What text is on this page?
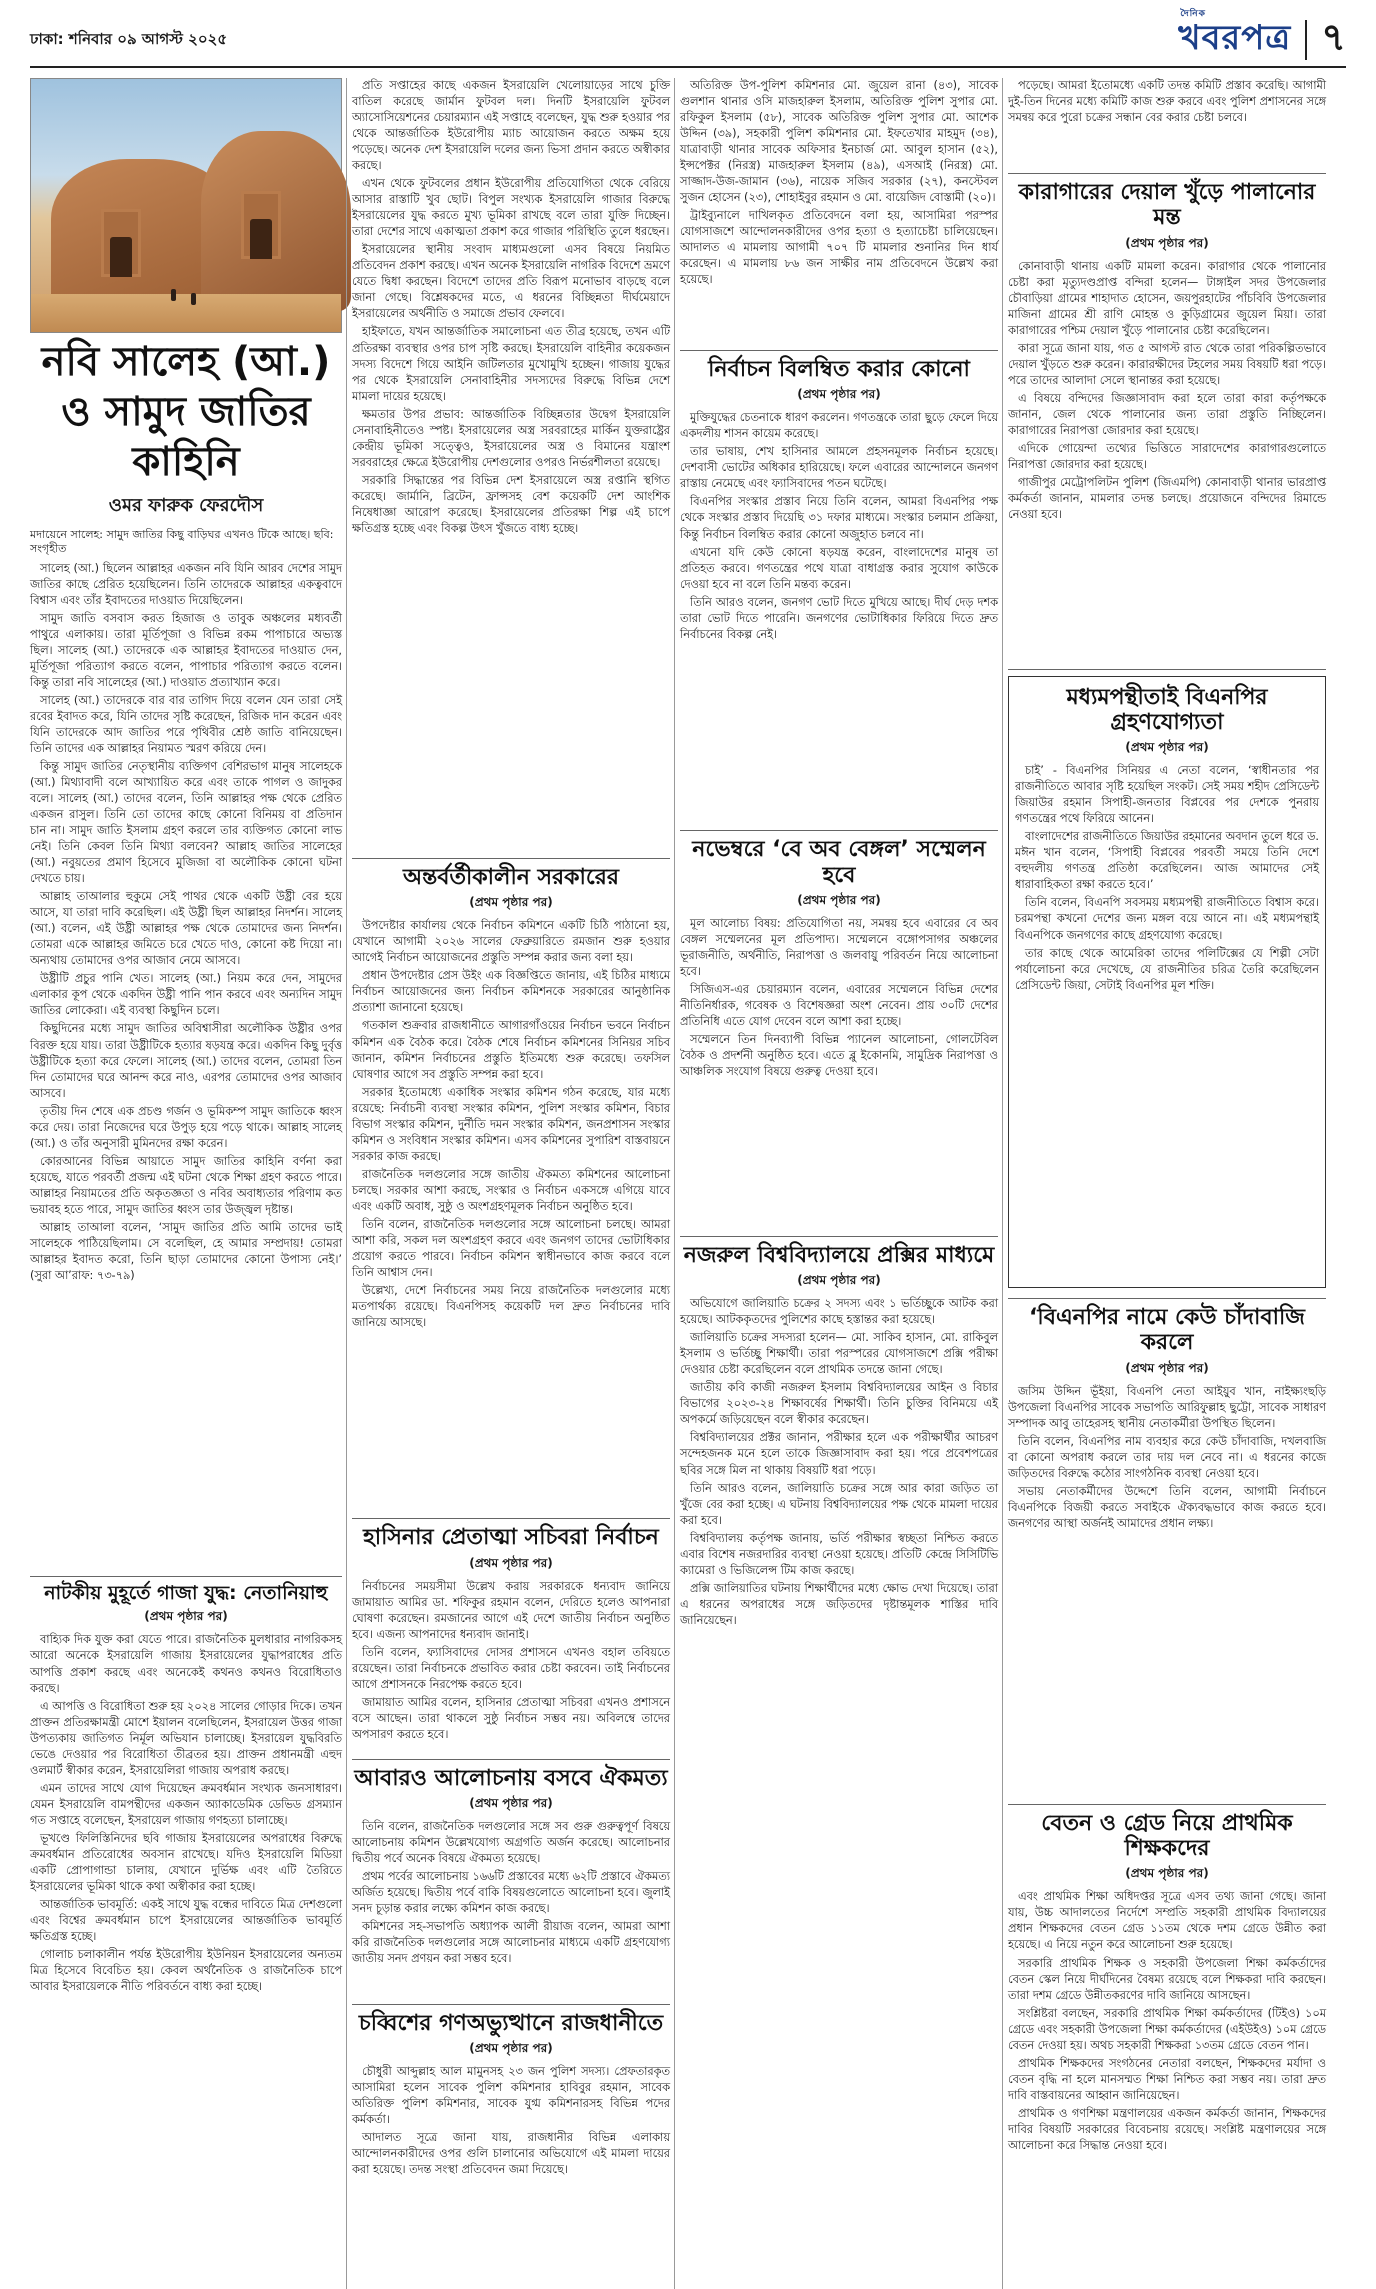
ঢাকা: শনিবার ০৯ আগস্ট ২০২৫
দৈনিক
খবরপত্র ৭
নবি সালেহ (আ.) ও সামুদ জাতির কাহিনি
ওমর ফারুক ফেরদৌস
মদায়েনে সালেহ: সামুদ জাতির কিছু বাড়িঘর এখনও টিকে আছে। ছবি: সংগৃহীত

সালেহ (আ.) ছিলেন আল্লাহর একজন নবি যিনি আরব দেশের সামুদ জাতির কাছে প্রেরিত হয়েছিলেন। তিনি তাদেরকে আল্লাহর একত্ববাদে বিশ্বাস এবং তাঁর ইবাদতের দাওয়াত দিয়েছিলেন।

সামুদ জাতি বসবাস করত হিজাজ ও তাবুক অঞ্চলের মধ্যবর্তী পাথুরে এলাকায়। তারা মূর্তিপূজা ও বিভিন্ন রকম পাপাচারে অভ্যস্ত ছিল। সালেহ (আ.) তাদেরকে এক আল্লাহর ইবাদতের দাওয়াত দেন, মূর্তিপূজা পরিত্যাগ করতে বলেন, পাপাচার পরিত্যাগ করতে বলেন। কিন্তু তারা নবি সালেহের (আ.) দাওয়াত প্রত্যাখ্যান করে।

সালেহ (আ.) তাদেরকে বার বার তাগিদ দিয়ে বলেন যেন তারা সেই রবের ইবাদত করে, যিনি তাদের সৃষ্টি করেছেন, রিজিক দান করেন এবং যিনি তাদেরকে আদ জাতির পরে পৃথিবীর শ্রেষ্ঠ জাতি বানিয়েছেন। তিনি তাদের এক আল্লাহর নিয়ামত স্মরণ করিয়ে দেন।

কিন্তু সামুদ জাতির নেতৃস্থানীয় ব্যক্তিগণ বেশিরভাগ মানুষ সালেহকে (আ.) মিথ্যাবাদী বলে আখ্যায়িত করে এবং তাকে পাগল ও জাদুকর বলে। সালেহ (আ.) তাদের বলেন, তিনি আল্লাহর পক্ষ থেকে প্রেরিত একজন রাসুল। তিনি তো তাদের কাছে কোনো বিনিময় বা প্রতিদান চান না। সামুদ জাতি ইসলাম গ্রহণ করলে তার ব্যক্তিগত কোনো লাভ নেই। তিনি কেবল তিনি মিথ্যা বলবেন? আল্লাহ জাতির সালেহের (আ.) নবুয়তের প্রমাণ হিসেবে মুজিজা বা অলৌকিক কোনো ঘটনা দেখতে চায়।

আল্লাহ তাআলার হুকুমে সেই পাথর থেকে একটি উষ্ট্রী বের হয়ে আসে, যা তারা দাবি করেছিল। এই উষ্ট্রী ছিল আল্লাহর নিদর্শন। সালেহ (আ.) বলেন, এই উষ্ট্রী আল্লাহর পক্ষ থেকে তোমাদের জন্য নিদর্শন। তোমরা একে আল্লাহর জমিতে চরে খেতে দাও, কোনো কষ্ট দিয়ো না। অন্যথায় তোমাদের ওপর আজাব নেমে আসবে।

উষ্ট্রীটি প্রচুর পানি খেত। সালেহ (আ.) নিয়ম করে দেন, সামুদের এলাকার কূপ থেকে একদিন উষ্ট্রী পানি পান করবে এবং অন্যদিন সামুদ জাতির লোকেরা। এই ব্যবস্থা কিছুদিন চলে।

কিছুদিনের মধ্যে সামুদ জাতির অবিশ্বাসীরা অলৌকিক উষ্ট্রীর ওপর বিরক্ত হয়ে যায়। তারা উষ্ট্রীটিকে হত্যার ষড়যন্ত্র করে। একদিন কিছু দুর্বৃত্ত উষ্ট্রীটিকে হত্যা করে ফেলে। সালেহ (আ.) তাদের বলেন, তোমরা তিন দিন তোমাদের ঘরে আনন্দ করে নাও, এরপর তোমাদের ওপর আজাব আসবে।

তৃতীয় দিন শেষে এক প্রচণ্ড গর্জন ও ভূমিকম্প সামুদ জাতিকে ধ্বংস করে দেয়। তারা নিজেদের ঘরে উপুড় হয়ে পড়ে থাকে। আল্লাহ সালেহ (আ.) ও তাঁর অনুসারী মুমিনদের রক্ষা করেন।

কোরআনের বিভিন্ন আয়াতে সামুদ জাতির কাহিনি বর্ণনা করা হয়েছে, যাতে পরবর্তী প্রজন্ম এই ঘটনা থেকে শিক্ষা গ্রহণ করতে পারে। আল্লাহর নিয়ামতের প্রতি অকৃতজ্ঞতা ও নবির অবাধ্যতার পরিণাম কত ভয়াবহ হতে পারে, সামুদ জাতির ধ্বংস তার উজ্জ্বল দৃষ্টান্ত।

আল্লাহ তাআলা বলেন, ‘সামুদ জাতির প্রতি আমি তাদের ভাই সালেহকে পাঠিয়েছিলাম। সে বলেছিল, হে আমার সম্প্রদায়! তোমরা আল্লাহর ইবাদত করো, তিনি ছাড়া তোমাদের কোনো উপাস্য নেই।’ (সুরা আ’রাফ: ৭৩-৭৯)

নাটকীয় মুহূর্তে গাজা যুদ্ধ: নেতানিয়াহু
(প্রথম পৃষ্ঠার পর)

বাহ্যিক দিক যুক্ত করা যেতে পারে। রাজনৈতিক মুলধারার নাগরিকসহ আরো অনেকে ইসরায়েলি গাজায় ইসরায়েলের যুদ্ধাপরাধের প্রতি আপত্তি প্রকাশ করছে এবং অনেকেই কথনও কথনও বিরোধিতাও করছে।

এ আপত্তি ও বিরোধিতা শুরু হয় ২০২৪ সালের গোড়ার দিকে। তখন প্রাক্তন প্রতিরক্ষামন্ত্রী মোশে ইয়ালন বলেছিলেন, ইসরায়েল উত্তর গাজা উপত্যকায় জাতিগত নির্মূল অভিযান চালাচ্ছে। ইসরায়েল যুদ্ধবিরতি ভেঙে দেওয়ার পর বিরোধিতা তীব্রতর হয়। প্রাক্তন প্রধানমন্ত্রী এহুদ ওলমার্ট স্বীকার করেন, ইসরায়েলিরা গাজায় অপরাধ করছে।

এমন তাদের সাথে যোগ দিয়েছেন ক্রমবর্ধমান সংখ্যক জনসাধারণ। যেমন ইসরায়েলি বামপন্থীদের একজন অ্যাকাডেমিক ডেভিড গ্রসম্যান গত সপ্তাহে বলেছেন, ইসরায়েল গাজায় গণহত্যা চালাচ্ছে।

ভূখণ্ডে ফিলিস্তিনিদের ছবি গাজায় ইসরায়েলের অপরাধের বিরুদ্ধে ক্রমবর্ধমান প্রতিরোধের অবসান রাখেছে। যদিও ইসরায়েলি মিডিয়া একটি প্রোপাগান্ডা চালায়, যেখানে দুর্ভিক্ষ এবং এটি তৈরিতে ইসরায়েলের ভূমিকা থাকে কথা অস্বীকার করা হচ্ছে।

আন্তর্জাতিক ভাবমূর্তি: একই সাথে যুদ্ধ বন্ধের দাবিতে মিত্র দেশগুলো এবং বিশ্বের ক্রমবর্ধমান চাপে ইসরায়েলের আন্তর্জাতিক ভাবমূর্তি ক্ষতিগ্রস্ত হচ্ছে।

গোলাচ চলাকালীন পর্যন্ত ইউরোপীয় ইউনিয়ন ইসরায়েলের অন্যতম মিত্র হিসেবে বিবেচিত হয়। কেবল অর্থনৈতিক ও রাজনৈতিক চাপে আবার ইসরায়েলকে নীতি পরিবর্তনে বাধ্য করা হচ্ছে।

প্রতি সপ্তাহের কাছে একজন ইসরায়েলি খেলোয়াড়ের সাথে চুক্তি বাতিল করেছে জার্মান ফুটবল দল। দিনটি ইসরায়েলি ফুটবল অ্যাসোসিয়েশনের চেয়ারম্যান এই সপ্তাহে বলেছেন, যুদ্ধ শুরু হওয়ার পর থেকে আন্তর্জাতিক ইউরোপীয় ম্যাচ আয়োজন করতে অক্ষম হয়ে পড়েছে। অনেক দেশ ইসরায়েলি দলের জন্য ভিসা প্রদান করতে অস্বীকার করছে।

এখন থেকে ফুটবলের প্রধান ইউরোপীয় প্রতিযোগিতা থেকে বেরিয়ে আসার রাস্তাটি খুব ছোট। বিপুল সংখ্যক ইসরায়েলি গাজার বিরুদ্ধে ইসরায়েলের যুদ্ধ করতে মুখ্য ভূমিকা রাখছে বলে তারা যুক্তি দিচ্ছেন। তারা দেশের সাথে একাত্মতা প্রকাশ করে গাজার পরিস্থিতি তুলে ধরছেন।

ইসরায়েলের স্থানীয় সংবাদ মাধ্যমগুলো এসব বিষয়ে নিয়মিত প্রতিবেদন প্রকাশ করছে। এখন অনেক ইসরায়েলি নাগরিক বিদেশে ভ্রমণে যেতে দ্বিধা করছেন। বিদেশে তাদের প্রতি বিরূপ মনোভাব বাড়ছে বলে জানা গেছে। বিশ্লেষকদের মতে, এ ধরনের বিচ্ছিন্নতা দীর্ঘমেয়াদে ইসরায়েলের অর্থনীতি ও সমাজে প্রভাব ফেলবে।

হাইফাতে, যখন আন্তর্জাতিক সমালোচনা এত তীব্র হয়েছে, তখন এটি প্রতিরক্ষা ব্যবস্থার ওপর চাপ সৃষ্টি করছে। ইসরায়েলি বাহিনীর কয়েকজন সদস্য বিদেশে গিয়ে আইনি জটিলতার মুখোমুখি হচ্ছেন। গাজায় যুদ্ধের পর থেকে ইসরায়েলি সেনাবাহিনীর সদস্যদের বিরুদ্ধে বিভিন্ন দেশে মামলা দায়ের হয়েছে।

ক্ষমতার উপর প্রভাব: আন্তর্জাতিক বিচ্ছিন্নতার উদ্বেগ ইসরায়েলি সেনাবাহিনীতেও স্পষ্ট। ইসরায়েলের অস্ত্র সরবরাহের মার্কিন যুক্তরাষ্ট্রের কেন্দ্রীয় ভূমিকা সত্ত্বেও, ইসরায়েলের অস্ত্র ও বিমানের যন্ত্রাংশ সরবরাহের ক্ষেত্রে ইউরোপীয় দেশগুলোর ওপরও নির্ভরশীলতা রয়েছে।

সরকারি সিদ্ধান্তের পর বিভিন্ন দেশ ইসরায়েলে অস্ত্র রপ্তানি স্থগিত করেছে। জার্মানি, ব্রিটেন, ফ্রান্সসহ বেশ কয়েকটি দেশ আংশিক নিষেধাজ্ঞা আরোপ করেছে। ইসরায়েলের প্রতিরক্ষা শিল্প এই চাপে ক্ষতিগ্রস্ত হচ্ছে এবং বিকল্প উৎস খুঁজতে বাধ্য হচ্ছে।

অন্তর্বর্তীকালীন সরকারের
(প্রথম পৃষ্ঠার পর)

উপদেষ্টার কার্যালয় থেকে নির্বাচন কমিশনে একটি চিঠি পাঠানো হয়, যেখানে আগামী ২০২৬ সালের ফেব্রুয়ারিতে রমজান শুরু হওয়ার আগেই নির্বাচন আয়োজনের প্রস্তুতি সম্পন্ন করার জন্য বলা হয়।

প্রধান উপদেষ্টার প্রেস উইং এক বিজ্ঞপ্তিতে জানায়, এই চিঠির মাধ্যমে নির্বাচন আয়োজনের জন্য নির্বাচন কমিশনকে সরকারের আনুষ্ঠানিক প্রত্যাশা জানানো হয়েছে।

গতকাল শুক্রবার রাজধানীতে আগারগাঁওয়ের নির্বাচন ভবনে নির্বাচন কমিশন এক বৈঠক করে। বৈঠক শেষে নির্বাচন কমিশনের সিনিয়র সচিব জানান, কমিশন নির্বাচনের প্রস্তুতি ইতিমধ্যে শুরু করেছে। তফসিল ঘোষণার আগে সব প্রস্তুতি সম্পন্ন করা হবে।

সরকার ইতোমধ্যে একাধিক সংস্কার কমিশন গঠন করেছে, যার মধ্যে রয়েছে: নির্বাচনী ব্যবস্থা সংস্কার কমিশন, পুলিশ সংস্কার কমিশন, বিচার বিভাগ সংস্কার কমিশন, দুর্নীতি দমন সংস্কার কমিশন, জনপ্রশাসন সংস্কার কমিশন ও সংবিধান সংস্কার কমিশন। এসব কমিশনের সুপারিশ বাস্তবায়নে সরকার কাজ করছে।

রাজনৈতিক দলগুলোর সঙ্গে জাতীয় ঐকমত্য কমিশনের আলোচনা চলছে। সরকার আশা করছে, সংস্কার ও নির্বাচন একসঙ্গে এগিয়ে যাবে এবং একটি অবাধ, সুষ্ঠু ও অংশগ্রহণমূলক নির্বাচন অনুষ্ঠিত হবে।

তিনি বলেন, রাজনৈতিক দলগুলোর সঙ্গে আলোচনা চলছে। আমরা আশা করি, সকল দল অংশগ্রহণ করবে এবং জনগণ তাদের ভোটাধিকার প্রয়োগ করতে পারবে। নির্বাচন কমিশন স্বাধীনভাবে কাজ করবে বলে তিনি আশ্বাস দেন।

উল্লেখ্য, দেশে নির্বাচনের সময় নিয়ে রাজনৈতিক দলগুলোর মধ্যে মতপার্থক্য রয়েছে। বিএনপিসহ কয়েকটি দল দ্রুত নির্বাচনের দাবি জানিয়ে আসছে।

হাসিনার প্রেতাত্মা সচিবরা নির্বাচন
(প্রথম পৃষ্ঠার পর)

নির্বাচনের সময়সীমা উল্লেখ করায় সরকারকে ধন্যবাদ জানিয়ে জামায়াত আমির ডা. শফিকুর রহমান বলেন, দেরিতে হলেও আপনারা ঘোষণা করেছেন। রমজানের আগে এই দেশে জাতীয় নির্বাচন অনুষ্ঠিত হবে। এজন্য আপনাদের ধন্যবাদ জানাই।

তিনি বলেন, ফ্যাসিবাদের দোসর প্রশাসনে এখনও বহাল তবিয়তে রয়েছেন। তারা নির্বাচনকে প্রভাবিত করার চেষ্টা করবেন। তাই নির্বাচনের আগে প্রশাসনকে নিরপেক্ষ করতে হবে।

জামায়াত আমির বলেন, হাসিনার প্রেতাত্মা সচিবরা এখনও প্রশাসনে বসে আছেন। তারা থাকলে সুষ্ঠু নির্বাচন সম্ভব নয়। অবিলম্বে তাদের অপসারণ করতে হবে।

আবারও আলোচনায় বসবে ঐকমত্য
(প্রথম পৃষ্ঠার পর)

তিনি বলেন, রাজনৈতিক দলগুলোর সঙ্গে সব গুরু গুরুত্বপূর্ণ বিষয়ে আলোচনায় কমিশন উল্লেখযোগ্য অগ্রগতি অর্জন করেছে। আলোচনার দ্বিতীয় পর্বে অনেক বিষয়ে ঐকমত্য হয়েছে।

প্রথম পর্বের আলোচনায় ১৬৬টি প্রস্তাবের মধ্যে ৬২টি প্রস্তাবে ঐকমত্য অর্জিত হয়েছে। দ্বিতীয় পর্বে বাকি বিষয়গুলোতে আলোচনা হবে। জুলাই সনদ চূড়ান্ত করার লক্ষ্যে কমিশন কাজ করছে।

কমিশনের সহ-সভাপতি অধ্যাপক আলী রীয়াজ বলেন, আমরা আশা করি রাজনৈতিক দলগুলোর সঙ্গে আলোচনার মাধ্যমে একটি গ্রহণযোগ্য জাতীয় সনদ প্রণয়ন করা সম্ভব হবে।

চব্বিশের গণঅভ্যুত্থানে রাজধানীতে
(প্রথম পৃষ্ঠার পর)

চৌধুরী আব্দুল্লাহ আল মামুনসহ ২৩ জন পুলিশ সদস্য। প্রেফতারকৃত আসামিরা হলেন সাবেক পুলিশ কমিশনার হাবিবুর রহমান, সাবেক অতিরিক্ত পুলিশ কমিশনার, সাবেক যুগ্ম কমিশনারসহ বিভিন্ন পদের কর্মকর্তা।

আদালত সূত্রে জানা যায়, রাজধানীর বিভিন্ন এলাকায় আন্দোলনকারীদের ওপর গুলি চালানোর অভিযোগে এই মামলা দায়ের করা হয়েছে। তদন্ত সংস্থা প্রতিবেদন জমা দিয়েছে।

অতিরিক্ত উপ-পুলিশ কমিশনার মো. জুয়েল রানা (৪৩), সাবেক গুলশান থানার ওসি মাজহারুল ইসলাম, অতিরিক্ত পুলিশ সুপার মো. রফিকুল ইসলাম (৫৮), সাবেক অতিরিক্ত পুলিশ সুপার মো. আশেক উদ্দিন (৩৯), সহকারী পুলিশ কমিশনার মো. ইফতেখার মাহমুদ (৩৪), যাত্রাবাড়ী থানার সাবেক অফিসার ইনচার্জ মো. আবুল হাসান (৫২), ইন্সপেক্টর (নিরস্ত্র) মাজহারুল ইসলাম (৪৯), এসআই (নিরস্ত্র) মো. সাজ্জাদ-উজ-জামান (৩৬), নায়েক সজিব সরকার (২৭), কনস্টেবল সুজন হোসেন (২৩), শোহাইবুর রহমান ও মো. বায়েজিদ বোস্তামী (২০)।

ট্রাইব্যুনালে দাখিলকৃত প্রতিবেদনে বলা হয়, আসামিরা পরস্পর যোগসাজশে আন্দোলনকারীদের ওপর হত্যা ও হত্যাচেষ্টা চালিয়েছেন। আদালত এ মামলায় আগামী ৭০৭ টি মামলার শুনানির দিন ধার্য করেছেন। এ মামলায় ৮৬ জন সাক্ষীর নাম প্রতিবেদনে উল্লেখ করা হয়েছে।

নির্বাচন বিলম্বিত করার কোনো
(প্রথম পৃষ্ঠার পর)

মুক্তিযুদ্ধের চেতনাকে ধারণ করলেন। গণতন্ত্রকে তারা ছুড়ে ফেলে দিয়ে একদলীয় শাসন কায়েম করেছে।

তার ভাষায়, শেখ হাসিনার আমলে প্রহসনমূলক নির্বাচন হয়েছে। দেশবাসী ভোটের অধিকার হারিয়েছে। ফলে এবারের আন্দোলনে জনগণ রাস্তায় নেমেছে এবং ফ্যাসিবাদের পতন ঘটেছে।

বিএনপির সংস্কার প্রস্তাব নিয়ে তিনি বলেন, আমরা বিএনপির পক্ষ থেকে সংস্কার প্রস্তাব দিয়েছি ৩১ দফার মাধ্যমে। সংস্কার চলমান প্রক্রিয়া, কিন্তু নির্বাচন বিলম্বিত করার কোনো অজুহাত চলবে না।

এখনো যদি কেউ কোনো ষড়যন্ত্র করেন, বাংলাদেশের মানুষ তা প্রতিহত করবে। গণতন্ত্রের পথে যাত্রা বাধাগ্রস্ত করার সুযোগ কাউকে দেওয়া হবে না বলে তিনি মন্তব্য করেন।

তিনি আরও বলেন, জনগণ ভোট দিতে মুখিয়ে আছে। দীর্ঘ দেড় দশক তারা ভোট দিতে পারেনি। জনগণের ভোটাধিকার ফিরিয়ে দিতে দ্রুত নির্বাচনের বিকল্প নেই।

নভেম্বরে ‘বে অব বেঙ্গল’ সম্মেলন হবে
(প্রথম পৃষ্ঠার পর)

মূল আলোচ্য বিষয়: প্রতিযোগিতা নয়, সমন্বয় হবে এবারের বে অব বেঙ্গল সম্মেলনের মূল প্রতিপাদ্য। সম্মেলনে বঙ্গোপসাগর অঞ্চলের ভূরাজনীতি, অর্থনীতি, নিরাপত্তা ও জলবায়ু পরিবর্তন নিয়ে আলোচনা হবে।

সিজিএস-এর চেয়ারম্যান বলেন, এবারের সম্মেলনে বিভিন্ন দেশের নীতিনির্ধারক, গবেষক ও বিশেষজ্ঞরা অংশ নেবেন। প্রায় ৩০টি দেশের প্রতিনিধি এতে যোগ দেবেন বলে আশা করা হচ্ছে।

সম্মেলনে তিন দিনব্যাপী বিভিন্ন প্যানেল আলোচনা, গোলটেবিল বৈঠক ও প্রদর্শনী অনুষ্ঠিত হবে। এতে ব্লু ইকোনমি, সামুদ্রিক নিরাপত্তা ও আঞ্চলিক সংযোগ বিষয়ে গুরুত্ব দেওয়া হবে।

নজরুল বিশ্ববিদ্যালয়ে প্রক্সির মাধ্যমে
(প্রথম পৃষ্ঠার পর)

অভিযোগে জালিয়াতি চক্রের ২ সদস্য এবং ১ ভর্তিচ্ছুকে আটক করা হয়েছে। আটককৃতদের পুলিশের কাছে হস্তান্তর করা হয়েছে।

জালিয়াতি চক্রের সদস্যরা হলেন— মো. সাকিব হাসান, মো. রাকিবুল ইসলাম ও ভর্তিচ্ছু শিক্ষার্থী। তারা পরস্পরের যোগসাজশে প্রক্সি পরীক্ষা দেওয়ার চেষ্টা করেছিলেন বলে প্রাথমিক তদন্তে জানা গেছে।

জাতীয় কবি কাজী নজরুল ইসলাম বিশ্ববিদ্যালয়ের আইন ও বিচার বিভাগের ২০২৩-২৪ শিক্ষাবর্ষের শিক্ষার্থী। তিনি চুক্তির বিনিময়ে এই অপকর্মে জড়িয়েছেন বলে স্বীকার করেছেন।

বিশ্ববিদ্যালয়ের প্রক্টর জানান, পরীক্ষার হলে এক পরীক্ষার্থীর আচরণ সন্দেহজনক মনে হলে তাকে জিজ্ঞাসাবাদ করা হয়। পরে প্রবেশপত্রের ছবির সঙ্গে মিল না থাকায় বিষয়টি ধরা পড়ে।

তিনি আরও বলেন, জালিয়াতি চক্রের সঙ্গে আর কারা জড়িত তা খুঁজে বের করা হচ্ছে। এ ঘটনায় বিশ্ববিদ্যালয়ের পক্ষ থেকে মামলা দায়ের করা হবে।

বিশ্ববিদ্যালয় কর্তৃপক্ষ জানায়, ভর্তি পরীক্ষার স্বচ্ছতা নিশ্চিত করতে এবার বিশেষ নজরদারির ব্যবস্থা নেওয়া হয়েছে। প্রতিটি কেন্দ্রে সিসিটিভি ক্যামেরা ও ভিজিলেন্স টিম কাজ করছে।

প্রক্সি জালিয়াতির ঘটনায় শিক্ষার্থীদের মধ্যে ক্ষোভ দেখা দিয়েছে। তারা এ ধরনের অপরাধের সঙ্গে জড়িতদের দৃষ্টান্তমূলক শাস্তির দাবি জানিয়েছেন।

পড়েছে। আমরা ইতোমধ্যে একটি তদন্ত কমিটি প্রস্তাব করেছি। আগামী দুই-তিন দিনের মধ্যে কমিটি কাজ শুরু করবে এবং পুলিশ প্রশাসনের সঙ্গে সমন্বয় করে পুরো চক্রের সন্ধান বের করার চেষ্টা চলবে।

কারাগারের দেয়াল খুঁড়ে পালানোর মন্ত
(প্রথম পৃষ্ঠার পর)

কোনাবাড়ী থানায় একটি মামলা করেন। কারাগার থেকে পালানোর চেষ্টা করা মৃত্যুদণ্ডপ্রাপ্ত বন্দিরা হলেন— টাঙ্গাইল সদর উপজেলার চৌবাড়িয়া গ্রামের শাহাদাত হোসেন, জয়পুরহাটের পাঁচবিবি উপজেলার মাজিনা গ্রামের শ্রী রাণি মোহন্ত ও কুড়িগ্রামের জুয়েল মিয়া। তারা কারাগারের পশ্চিম দেয়াল খুঁড়ে পালানোর চেষ্টা করেছিলেন।

কারা সূত্রে জানা যায়, গত ৫ আগস্ট রাত থেকে তারা পরিকল্পিতভাবে দেয়াল খুঁড়তে শুরু করেন। কারারক্ষীদের টহলের সময় বিষয়টি ধরা পড়ে। পরে তাদের আলাদা সেলে স্থানান্তর করা হয়েছে।

এ বিষয়ে বন্দিদের জিজ্ঞাসাবাদ করা হলে তারা কারা কর্তৃপক্ষকে জানান, জেল থেকে পালানোর জন্য তারা প্রস্তুতি নিচ্ছিলেন। কারাগারের নিরাপত্তা জোরদার করা হয়েছে।

এদিকে গোয়েন্দা তথ্যের ভিত্তিতে সারাদেশের কারাগারগুলোতে নিরাপত্তা জোরদার করা হয়েছে।

গাজীপুর মেট্রোপলিটন পুলিশ (জিএমপি) কোনাবাড়ী থানার ভারপ্রাপ্ত কর্মকর্তা জানান, মামলার তদন্ত চলছে। প্রয়োজনে বন্দিদের রিমান্ডে নেওয়া হবে।

মধ্যমপন্থীতাই বিএনপির গ্রহণযোগ্যতা
(প্রথম পৃষ্ঠার পর)

চাই’ - বিএনপির সিনিয়র এ নেতা বলেন, ‘স্বাধীনতার পর রাজনীতিতে আবার সৃষ্টি হয়েছিল সংকট। সেই সময় শহীদ প্রেসিডেন্ট জিয়াউর রহমান সিপাহী-জনতার বিপ্লবের পর দেশকে পুনরায় গণতন্ত্রের পথে ফিরিয়ে আনেন।

বাংলাদেশের রাজনীতিতে জিয়াউর রহমানের অবদান তুলে ধরে ড. মঈন খান বলেন, ‘সিপাহী বিপ্লবের পরবর্তী সময়ে তিনি দেশে বহুদলীয় গণতন্ত্র প্রতিষ্ঠা করেছিলেন। আজ আমাদের সেই ধারাবাহিকতা রক্ষা করতে হবে।’

তিনি বলেন, বিএনপি সবসময় মধ্যমপন্থী রাজনীতিতে বিশ্বাস করে। চরমপন্থা কখনো দেশের জন্য মঙ্গল বয়ে আনে না। এই মধ্যমপন্থাই বিএনপিকে জনগণের কাছে গ্রহণযোগ্য করেছে।

তার কাছে থেকে আমেরিকা তাদের পলিটিক্সের যে শিল্পী সেটা পর্যালোচনা করে দেখেছে, যে রাজনীতির চরিত্র তৈরি করেছিলেন প্রেসিডেন্ট জিয়া, সেটাই বিএনপির মূল শক্তি।

‘বিএনপির নামে কেউ চাঁদাবাজি করলে
(প্রথম পৃষ্ঠার পর)

জসিম উদ্দিন ভূঁইয়া, বিএনপি নেতা আইয়ুব খান, নাইক্ষ্যংছড়ি উপজেলা বিএনপির সাবেক সভাপতি আরিফুল্লাহ ছুট্টো, সাবেক সাধারণ সম্পাদক আবু তাহেরসহ স্থানীয় নেতাকর্মীরা উপস্থিত ছিলেন।

তিনি বলেন, বিএনপির নাম ব্যবহার করে কেউ চাঁদাবাজি, দখলবাজি বা কোনো অপরাধ করলে তার দায় দল নেবে না। এ ধরনের কাজে জড়িতদের বিরুদ্ধে কঠোর সাংগঠনিক ব্যবস্থা নেওয়া হবে।

সভায় নেতাকর্মীদের উদ্দেশে তিনি বলেন, আগামী নির্বাচনে বিএনপিকে বিজয়ী করতে সবাইকে ঐক্যবদ্ধভাবে কাজ করতে হবে। জনগণের আস্থা অর্জনই আমাদের প্রধান লক্ষ্য।

বেতন ও গ্রেড নিয়ে প্রাথমিক শিক্ষকদের
(প্রথম পৃষ্ঠার পর)

এবং প্রাথমিক শিক্ষা অধিদপ্তর সূত্রে এসব তথ্য জানা গেছে। জানা যায়, উচ্চ আদালতের নির্দেশে সম্প্রতি সহকারী প্রাথমিক বিদ্যালয়ের প্রধান শিক্ষকদের বেতন গ্রেড ১১তম থেকে দশম গ্রেডে উন্নীত করা হয়েছে। এ নিয়ে নতুন করে আলোচনা শুরু হয়েছে।

সরকারি প্রাথমিক শিক্ষক ও সহকারী উপজেলা শিক্ষা কর্মকর্তাদের বেতন স্কেল নিয়ে দীর্ঘদিনের বৈষম্য রয়েছে বলে শিক্ষকরা দাবি করছেন। তারা দশম গ্রেডে উন্নীতকরণের দাবি জানিয়ে আসছেন।

সংশ্লিষ্টরা বলছেন, সরকারি প্রাথমিক শিক্ষা কর্মকর্তাদের (টিইও) ১০ম গ্রেডে এবং সহকারী উপজেলা শিক্ষা কর্মকর্তাদের (এইউইও) ১০ম গ্রেডে বেতন দেওয়া হয়। অথচ সহকারী শিক্ষকরা ১৩তম গ্রেডে বেতন পান।

প্রাথমিক শিক্ষকদের সংগঠনের নেতারা বলছেন, শিক্ষকদের মর্যাদা ও বেতন বৃদ্ধি না হলে মানসম্মত শিক্ষা নিশ্চিত করা সম্ভব নয়। তারা দ্রুত দাবি বাস্তবায়নের আহ্বান জানিয়েছেন।

প্রাথমিক ও গণশিক্ষা মন্ত্রণালয়ের একজন কর্মকর্তা জানান, শিক্ষকদের দাবির বিষয়টি সরকারের বিবেচনায় রয়েছে। সংশ্লিষ্ট মন্ত্রণালয়ের সঙ্গে আলোচনা করে সিদ্ধান্ত নেওয়া হবে।
